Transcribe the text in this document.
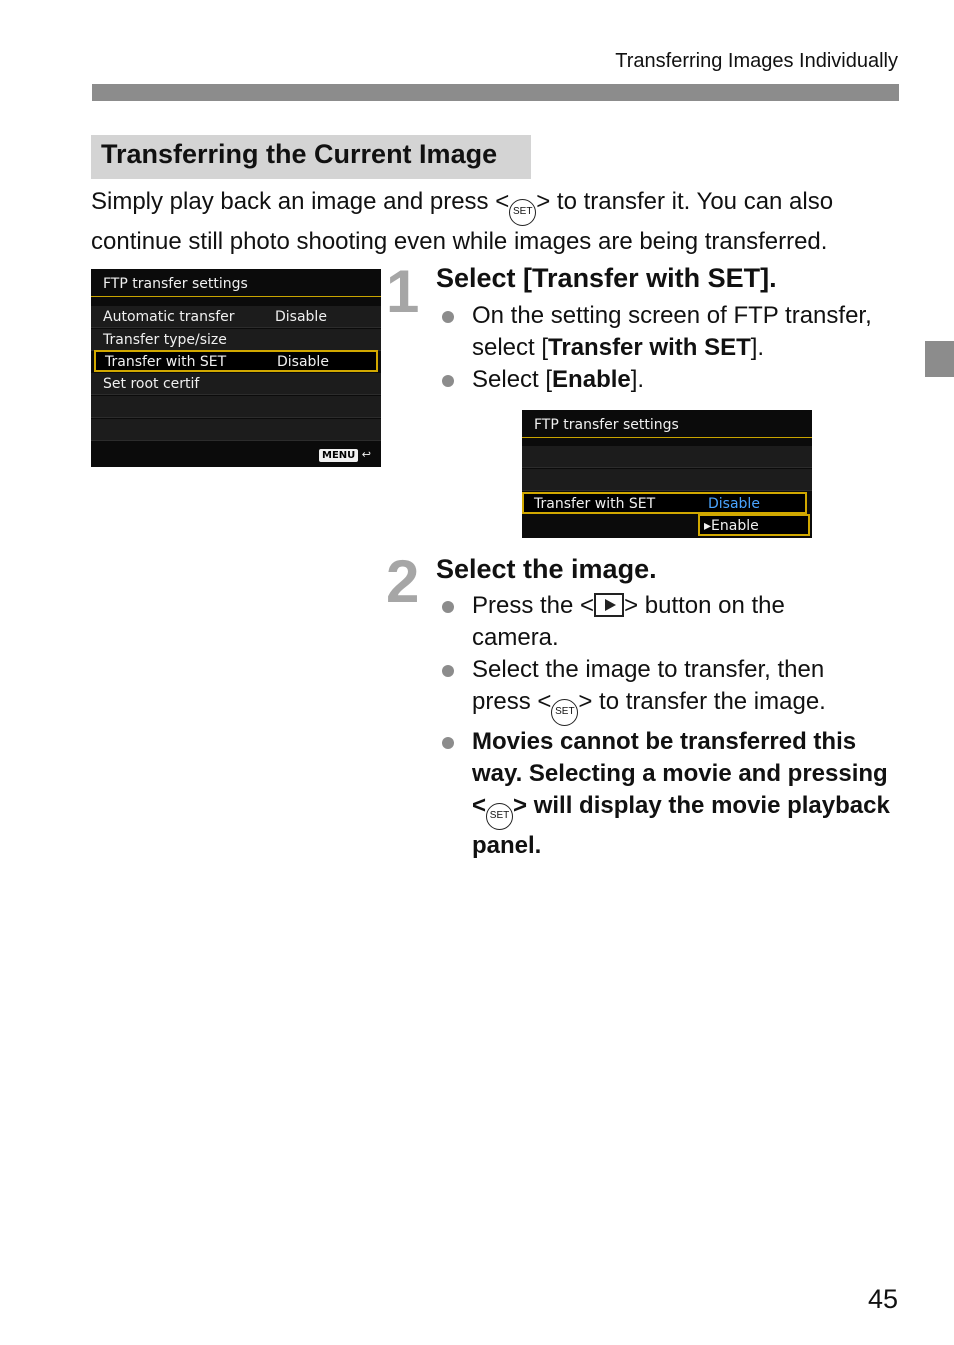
Transferring Images Individually
Transferring the Current Image

Simply play back an image and press < SET > to transfer it. You can also continue still photo shooting even while images are being transferred.

FTP transfer settings
Automatic transfer	Disable
Transfer type/size
Transfer with SET	Disable
Set root certif
MENU ↩
1 Select [Transfer with SET].
On the setting screen of FTP transfer, select [Transfer with SET].
Select [Enable].
FTP transfer settings
Transfer with SET	Disable
▸Enable
2 Select the image.
Press the < > button on the camera.
Select the image to transfer, then press < SET > to transfer the image.
Movies cannot be transferred this way. Selecting a movie and pressing < SET > will display the movie playback panel.
45
